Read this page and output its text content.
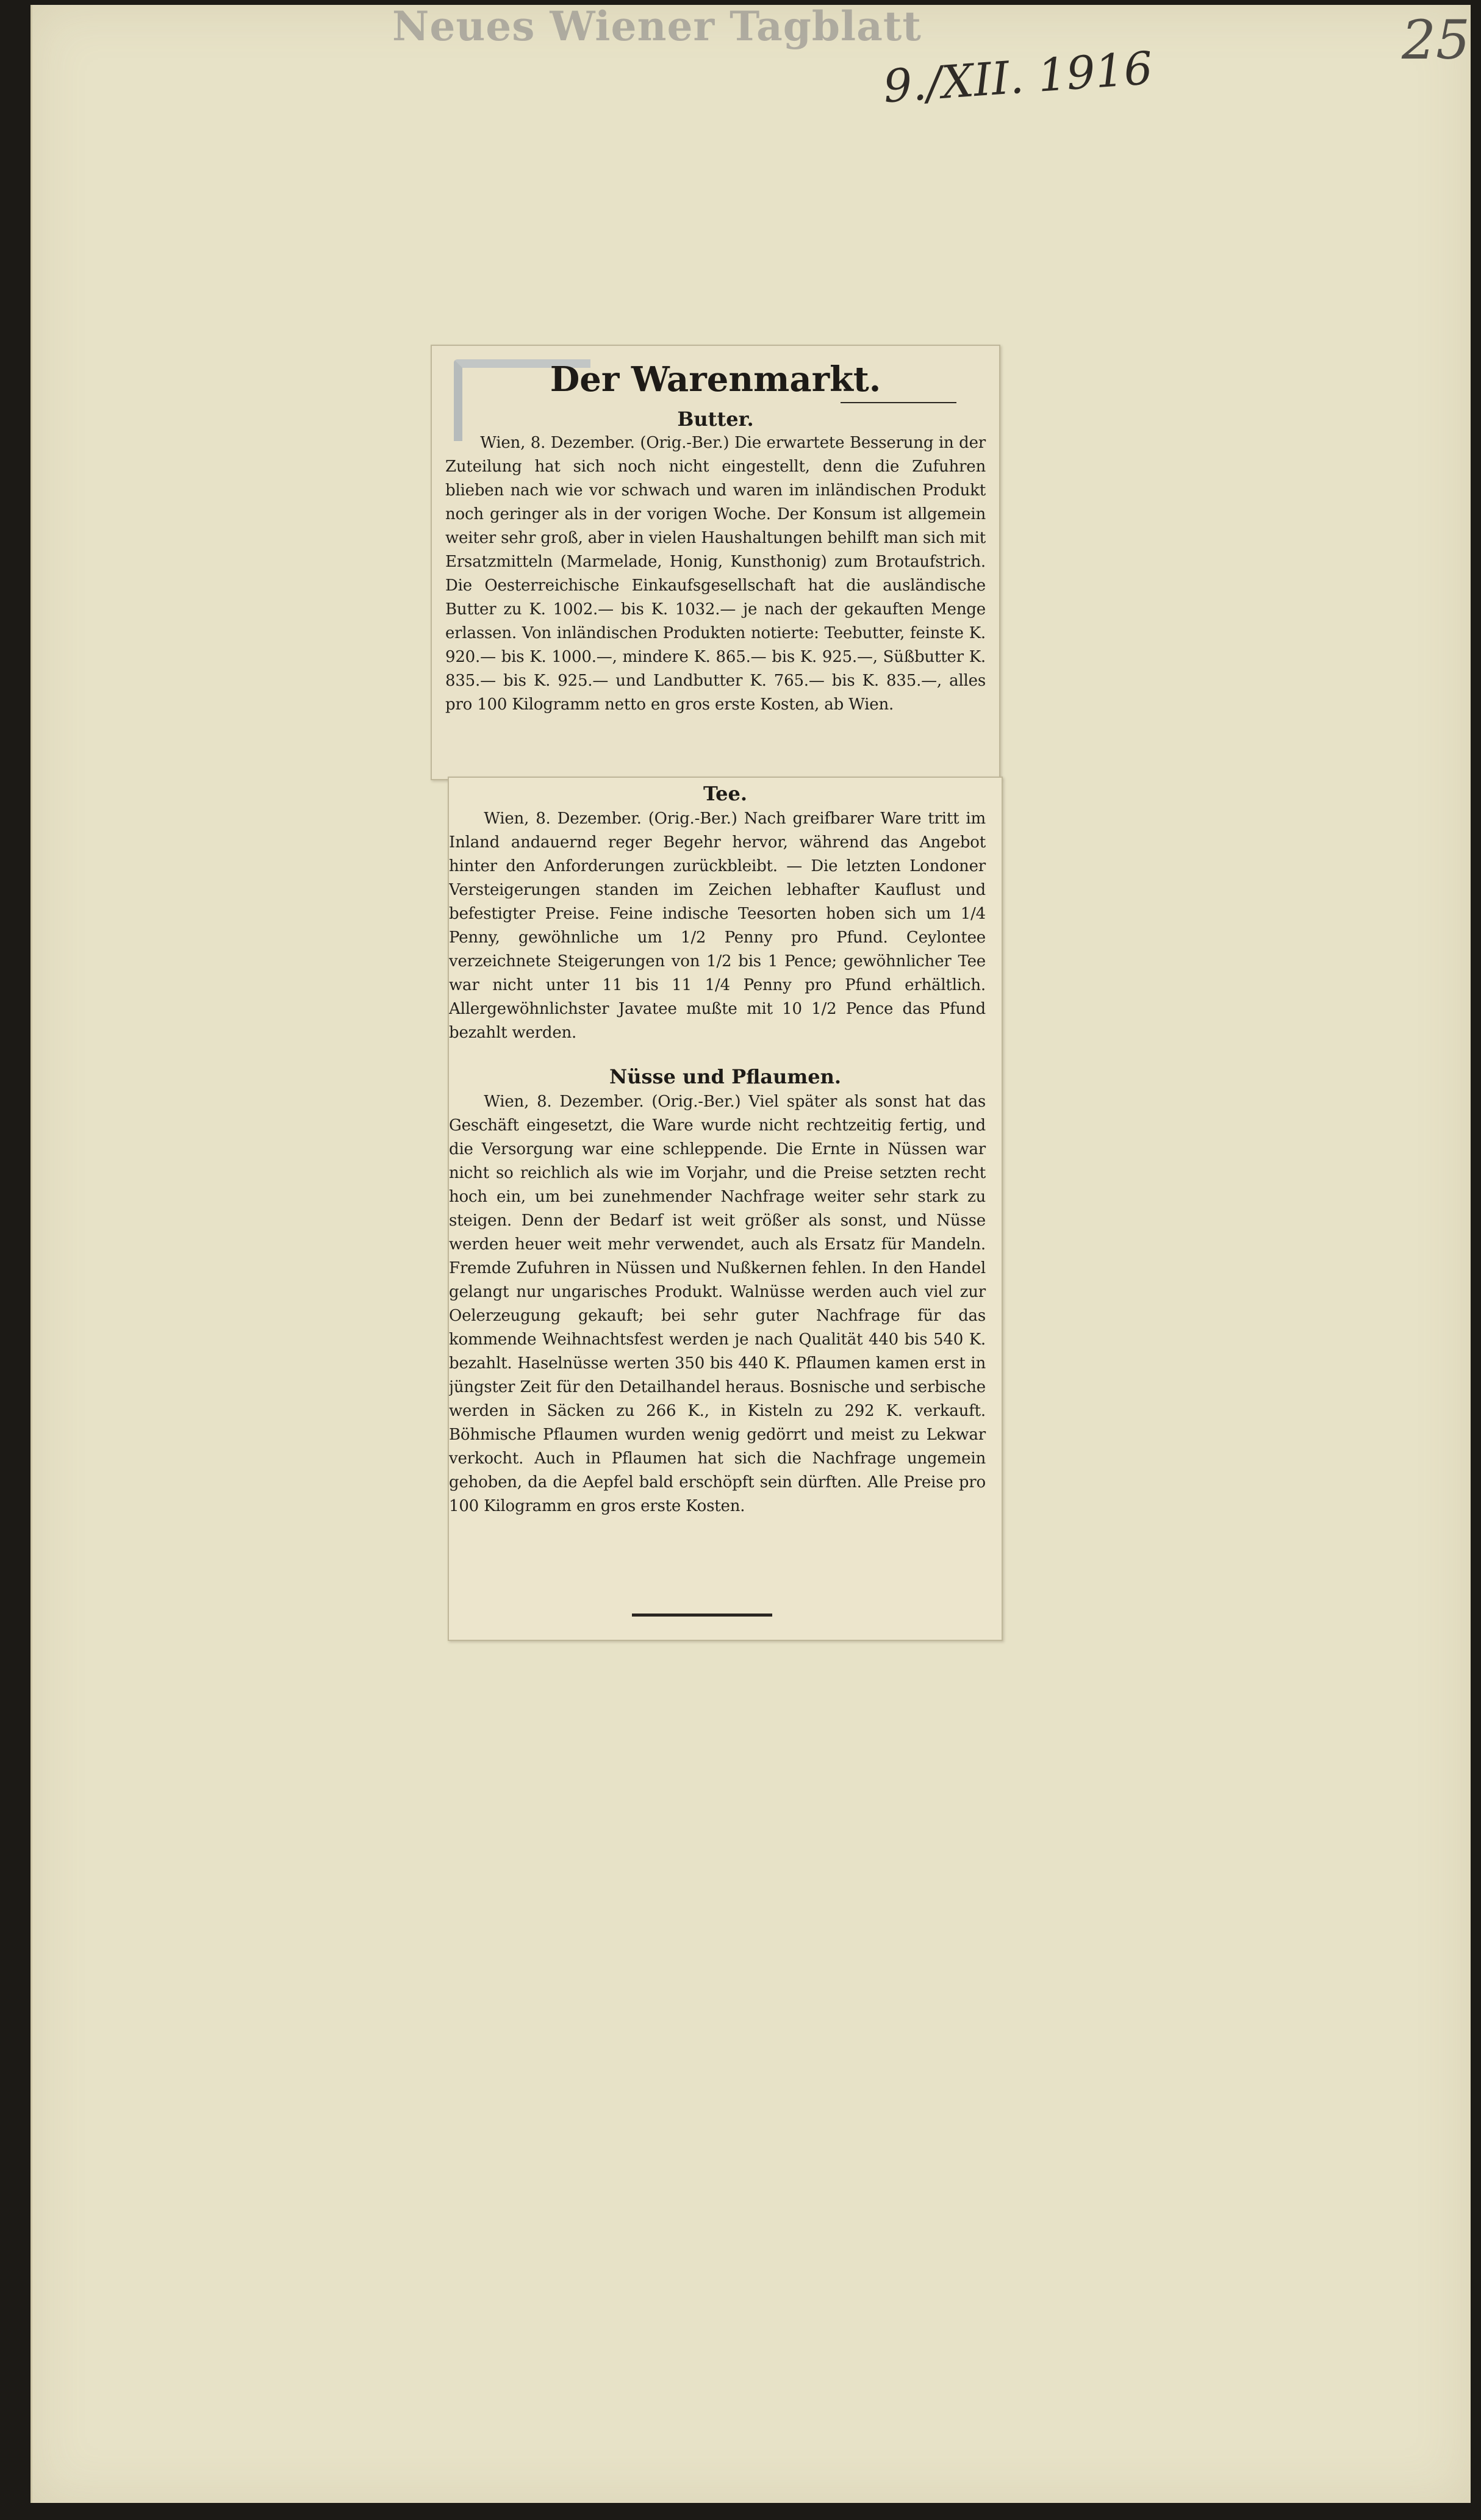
Neues Wiener Tagblatt
9./XII. 1916
25
Der Warenmarkt.
Butter.

Wien, 8. Dezember. (Orig.-Ber.) Die erwartete Besserung in der Zuteilung hat sich noch nicht eingestellt, denn die Zufuhren blieben nach wie vor schwach und waren im inländischen Produkt noch geringer als in der vorigen Woche. Der Konsum ist allgemein weiter sehr groß, aber in vielen Haushaltungen behilft man sich mit Ersatzmitteln (Marmelade, Honig, Kunsthonig) zum Brotaufstrich. Die Oesterreichische Einkaufsgesellschaft hat die ausländische Butter zu K. 1002.— bis K. 1032.— je nach der gekauften Menge erlassen. Von inländischen Produkten notierte: Teebutter, feinste K. 920.— bis K. 1000.—, mindere K. 865.— bis K. 925.—, Süßbutter K. 835.— bis K. 925.— und Landbutter K. 765.— bis K. 835.—, alles pro 100 Kilogramm netto en gros erste Kosten, ab Wien.

Tee.

Wien, 8. Dezember. (Orig.-Ber.) Nach greifbarer Ware tritt im Inland andauernd reger Begehr hervor, während das Angebot hinter den Anforderungen zurückbleibt. — Die letzten Londoner Versteigerungen standen im Zeichen lebhafter Kauflust und befestigter Preise. Feine indische Teesorten hoben sich um 1/4 Penny, gewöhnliche um 1/2 Penny pro Pfund. Ceylontee verzeichnete Steigerungen von 1/2 bis 1 Pence; gewöhnlicher Tee war nicht unter 11 bis 11 1/4 Penny pro Pfund erhältlich. Allergewöhnlichster Javatee mußte mit 10 1/2 Pence das Pfund bezahlt werden.

Nüsse und Pflaumen.

Wien, 8. Dezember. (Orig.-Ber.) Viel später als sonst hat das Geschäft eingesetzt, die Ware wurde nicht rechtzeitig fertig, und die Versorgung war eine schleppende. Die Ernte in Nüssen war nicht so reichlich als wie im Vorjahr, und die Preise setzten recht hoch ein, um bei zunehmender Nachfrage weiter sehr stark zu steigen. Denn der Bedarf ist weit größer als sonst, und Nüsse werden heuer weit mehr verwendet, auch als Ersatz für Mandeln. Fremde Zufuhren in Nüssen und Nußkernen fehlen. In den Handel gelangt nur ungarisches Produkt. Walnüsse werden auch viel zur Oelerzeugung gekauft; bei sehr guter Nachfrage für das kommende Weihnachtsfest werden je nach Qualität 440 bis 540 K. bezahlt. Haselnüsse werten 350 bis 440 K. Pflaumen kamen erst in jüngster Zeit für den Detailhandel heraus. Bosnische und serbische werden in Säcken zu 266 K., in Kisteln zu 292 K. verkauft. Böhmische Pflaumen wurden wenig gedörrt und meist zu Lekwar verkocht. Auch in Pflaumen hat sich die Nachfrage ungemein gehoben, da die Aepfel bald erschöpft sein dürften. Alle Preise pro 100 Kilogramm en gros erste Kosten.
